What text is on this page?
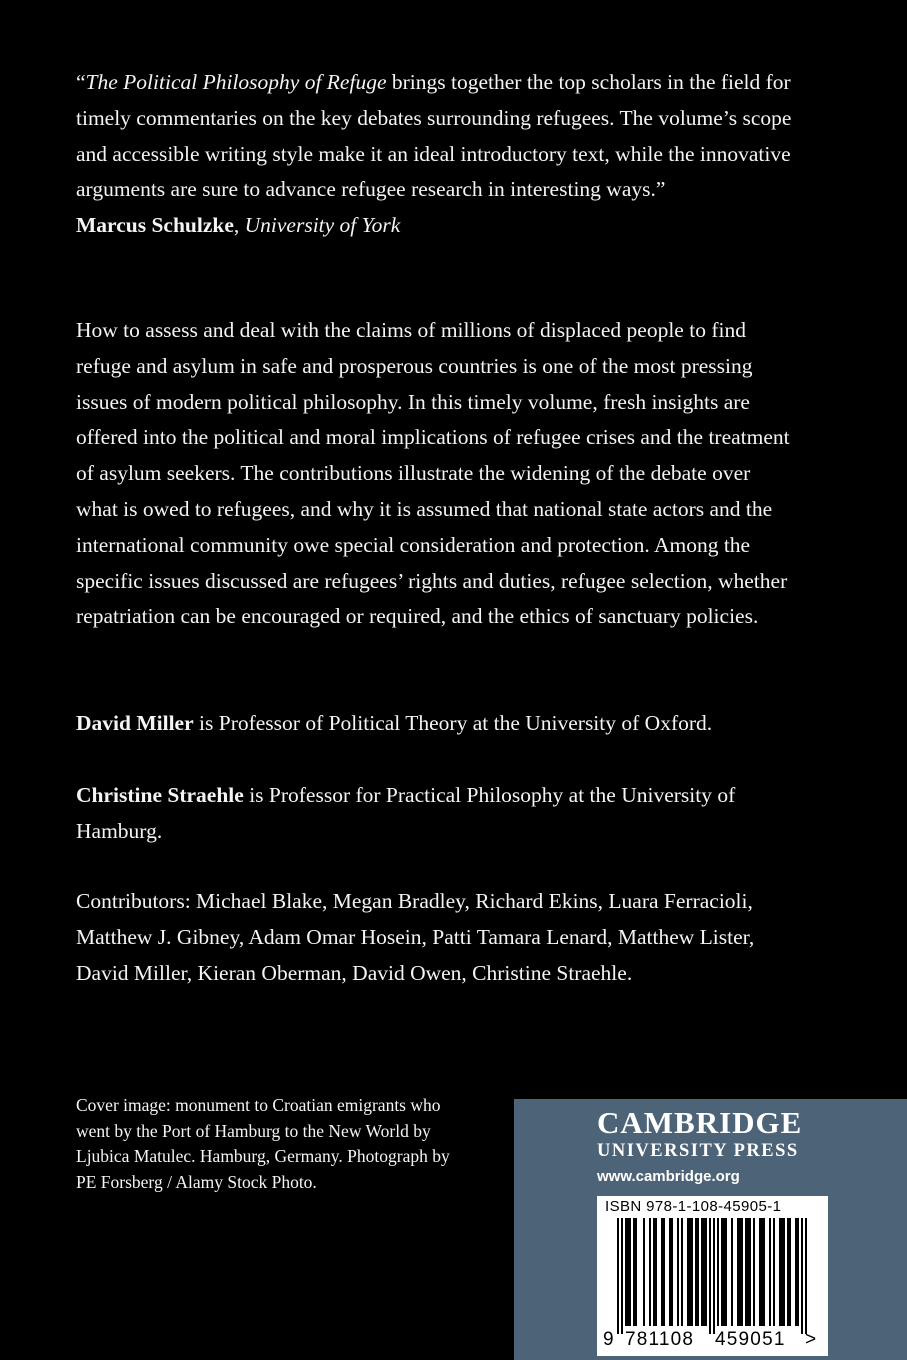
“The Political Philosophy of Refuge brings together the top scholars in the field for timely commentaries on the key debates surrounding refugees. The volume’s scope and accessible writing style make it an ideal introductory text, while the innovative arguments are sure to advance refugee research in interesting ways.”

Marcus Schulzke, University of York

How to assess and deal with the claims of millions of displaced people to find refuge and asylum in safe and prosperous countries is one of the most pressing issues of modern political philosophy. In this timely volume, fresh insights are offered into the political and moral implications of refugee crises and the treatment of asylum seekers. The contributions illustrate the widening of the debate over what is owed to refugees, and why it is assumed that national state actors and the international community owe special consideration and protection. Among the specific issues discussed are refugees’ rights and duties, refugee selection, whether repatriation can be encouraged or required, and the ethics of sanctuary policies.

David Miller is Professor of Political Theory at the University of Oxford.

Christine Straehle is Professor for Practical Philosophy at the University of Hamburg.

Contributors: Michael Blake, Megan Bradley, Richard Ekins, Luara Ferracioli, Matthew J. Gibney, Adam Omar Hosein, Patti Tamara Lenard, Matthew Lister, David Miller, Kieran Oberman, David Owen, Christine Straehle.

Cover image: monument to Croatian emigrants who went by the Port of Hamburg to the New World by Ljubica Matulec. Hamburg, Germany. Photograph by PE Forsberg / Alamy Stock Photo.
CAMBRIDGE
UNIVERSITY PRESS
www.cambridge.org
ISBN 978-1-108-45905-1
9 781108 459051 >
